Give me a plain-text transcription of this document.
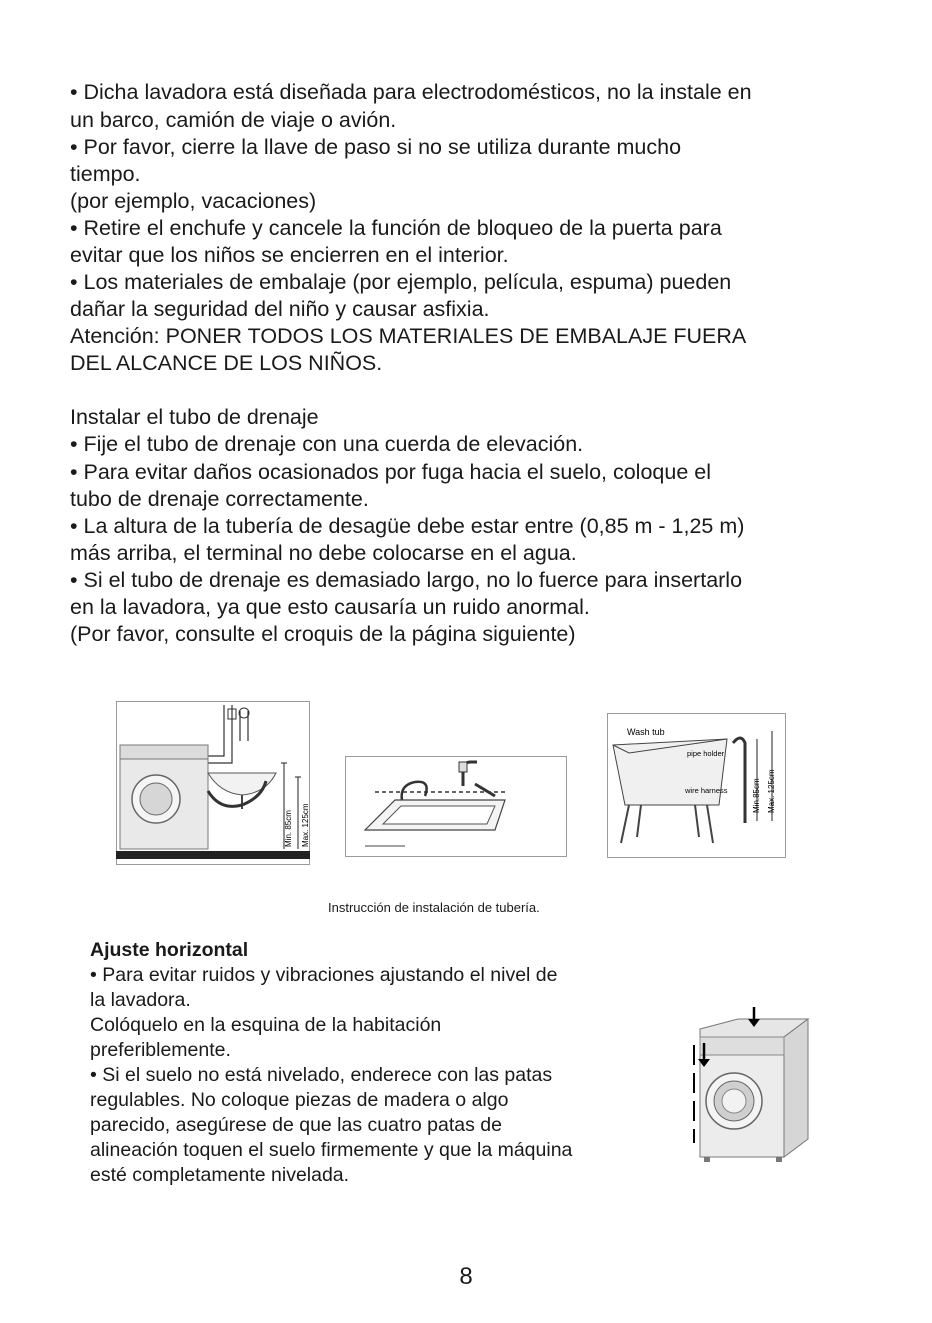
• Dicha lavadora está diseñada para electrodomésticos, no la instale en
un barco, camión de viaje o avión.
• Por favor, cierre la llave de paso si no se utiliza durante mucho
tiempo.
(por ejemplo, vacaciones)
• Retire el enchufe y cancele la función de bloqueo de la puerta para
evitar que los niños se encierren en el interior.
• Los materiales de embalaje (por ejemplo, película, espuma) pueden
dañar la seguridad del niño y causar asfixia.
Atención: PONER TODOS LOS MATERIALES DE EMBALAJE FUERA
DEL ALCANCE DE LOS NIÑOS.
Instalar el tubo de drenaje
• Fije el tubo de drenaje con una cuerda de elevación.
• Para evitar daños ocasionados por fuga hacia el suelo, coloque el
tubo de drenaje correctamente.
• La altura de la tubería de desagüe debe estar entre (0,85 m - 1,25 m)
más arriba, el terminal no debe colocarse en el agua.
• Si el tubo de drenaje es demasiado largo, no lo fuerce para insertarlo
en la lavadora, ya que esto causaría un ruido anormal.
(Por favor, consulte el croquis de la página siguiente)
Min. 85cm Max. 125cm
Wash tub
pipe holder
wire harness	Min.85cm Max. 125cm
Instrucción de instalación de tubería.
Ajuste horizontal
• Para evitar ruidos y vibraciones ajustando el nivel de
la lavadora.
Colóquelo en la esquina de la habitación
preferiblemente.
• Si el suelo no está nivelado, enderece con las patas
regulables. No coloque piezas de madera o algo
parecido, asegúrese de que las cuatro patas de
alineación toquen el suelo firmemente y que la máquina
esté completamente nivelada.
8
